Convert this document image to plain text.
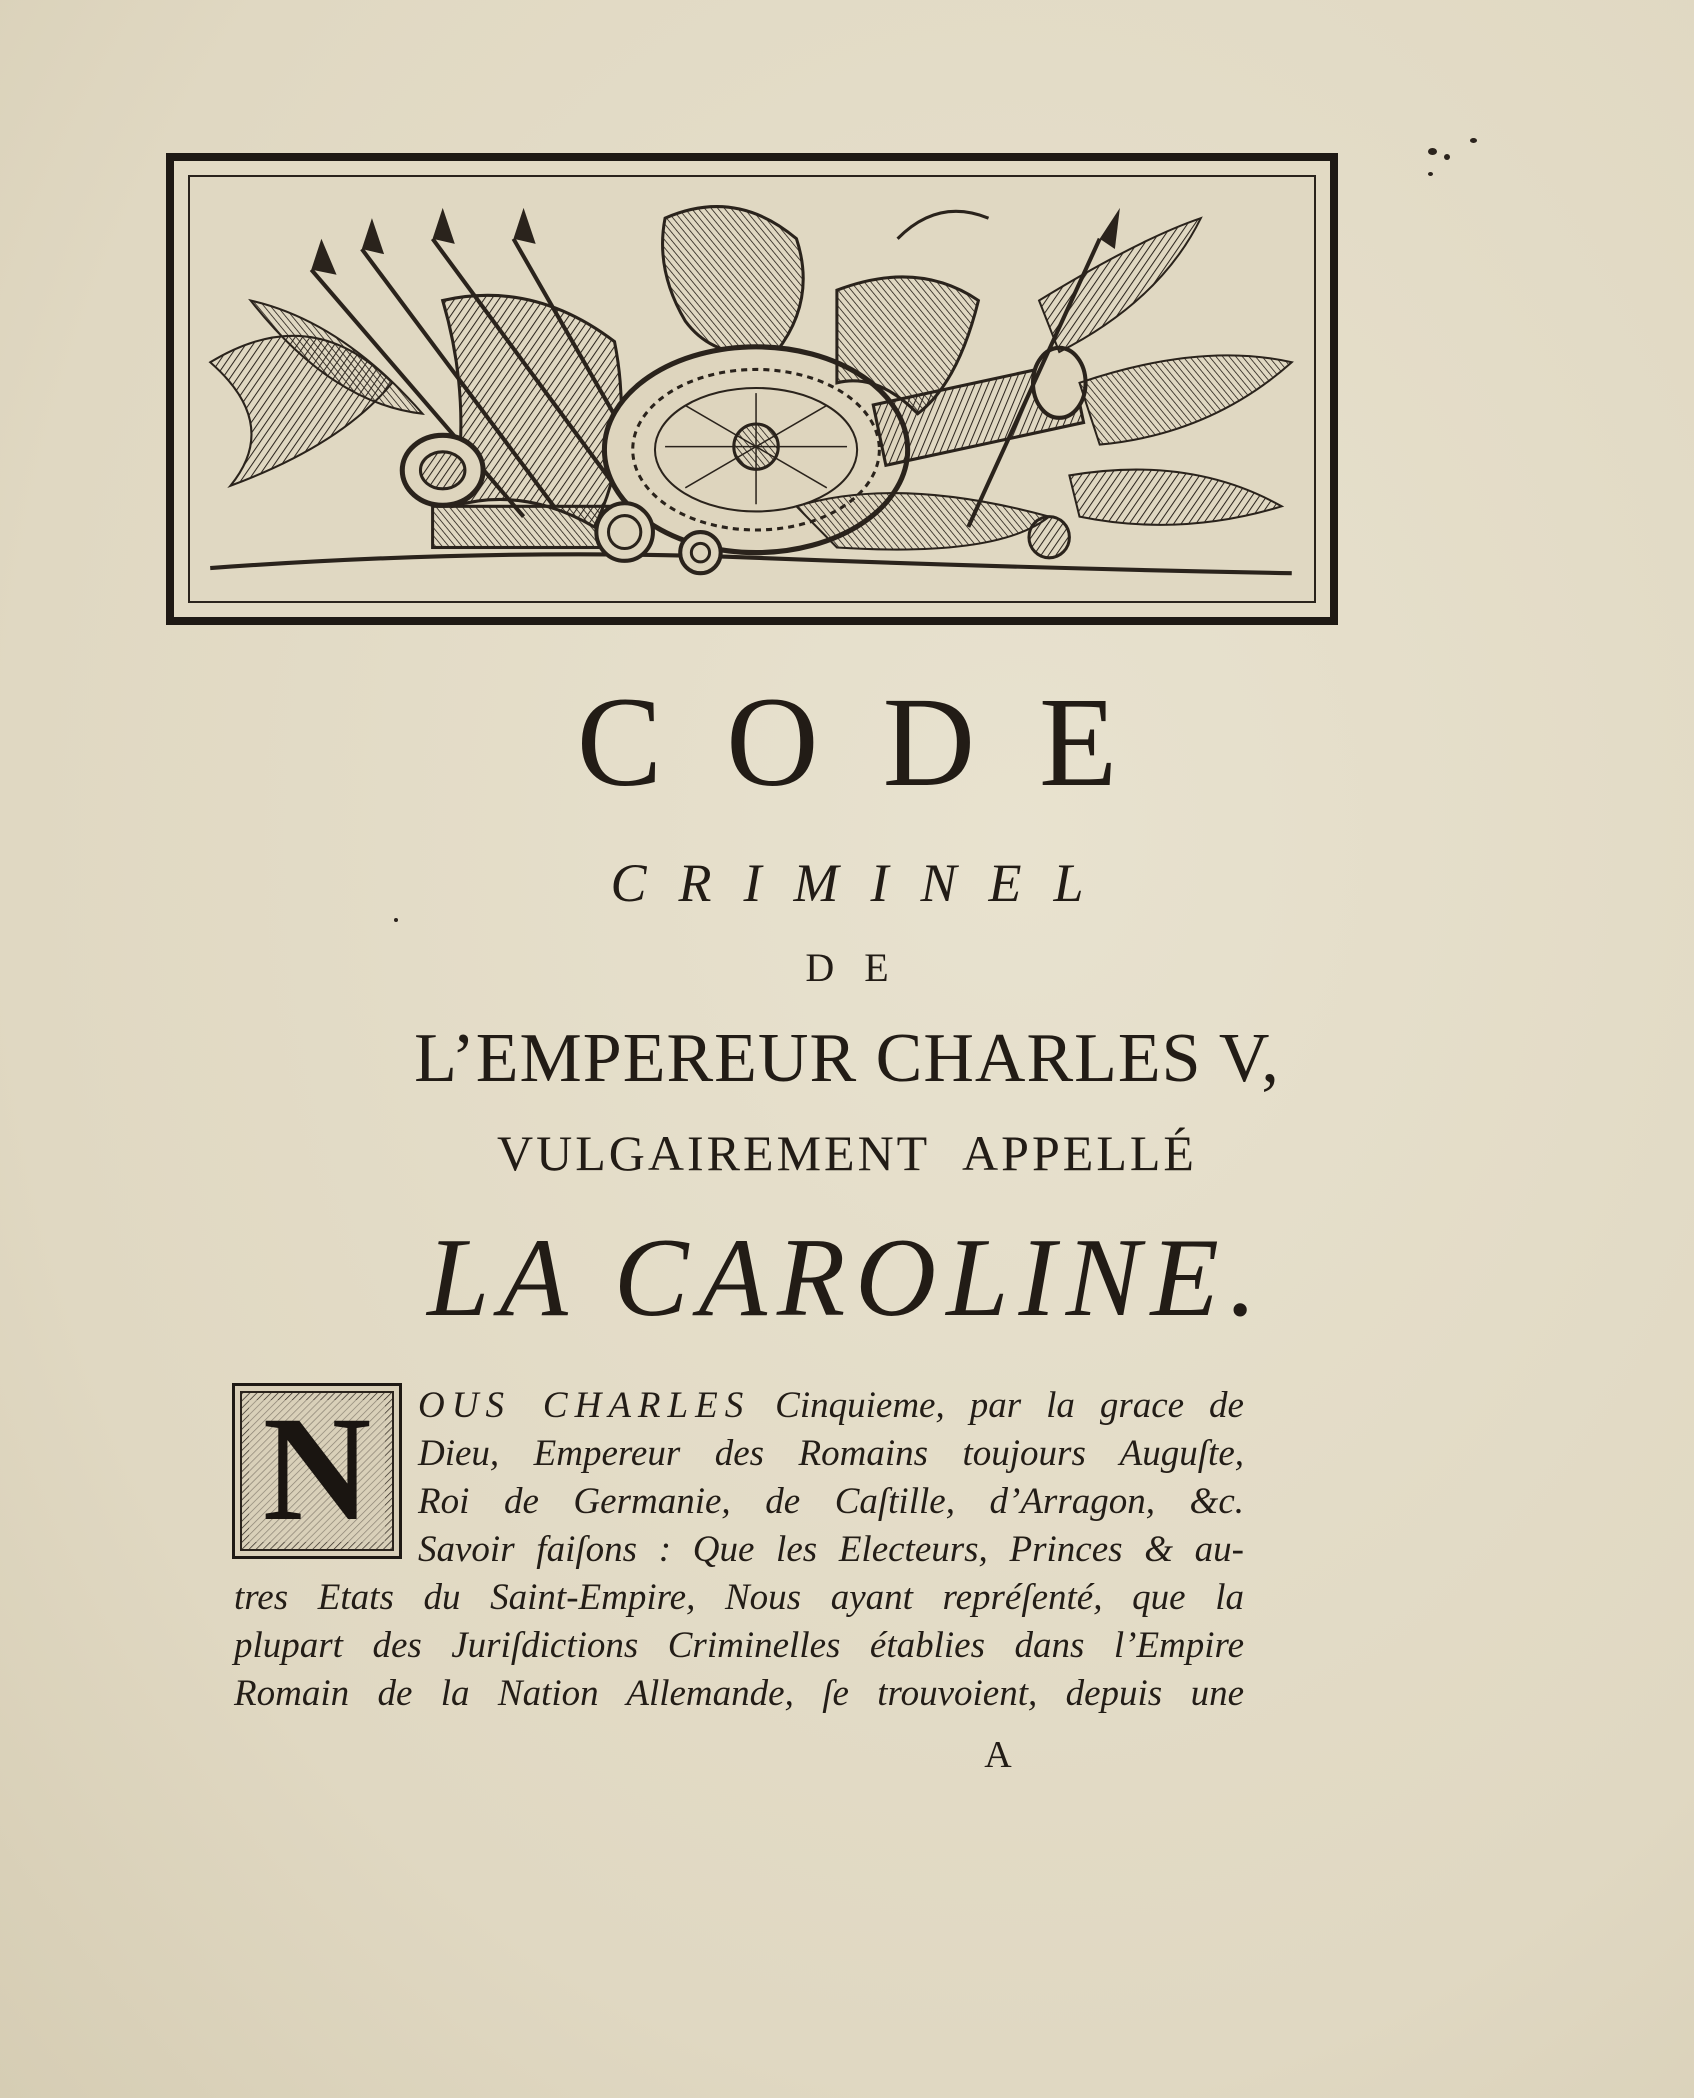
CODE
CRIMINEL
DE
L’EMPEREUR CHARLES V,
VULGAIREMENT APPELLÉ
LA CAROLINE.
N	OUS CHARLES Cinquieme, par la grace de
Dieu, Empereur des Romains toujours Auguſte,
Roi de Germanie, de Caſtille, d’Arragon, &c.
Savoir faiſons : Que les Electeurs, Princes & au-
tres Etats du Saint-Empire, Nous ayant repréſenté, que la
plupart des Juriſdictions Criminelles établies dans l’Empire
Romain de la Nation Allemande, ſe trouvoient, depuis une
A
